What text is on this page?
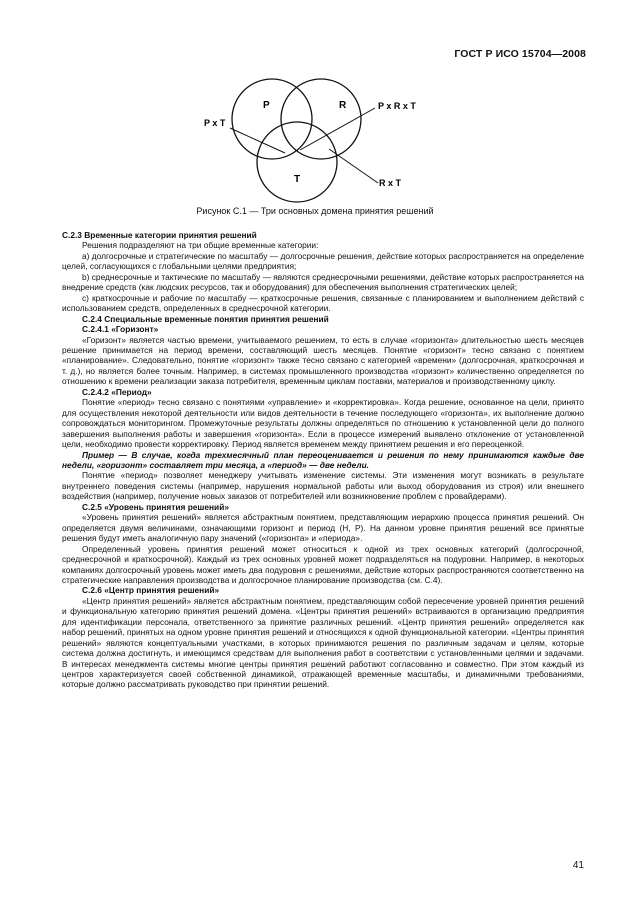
ГОСТ Р ИСО 15704—2008
P	R
T
P x T
P x R x T
R x T
Рисунок С.1 — Три основных домена принятия решений
С.2.3 Временные категории принятия решений

Решения подразделяют на три общие временные категории:

a) долгосрочные и стратегические по масштабу — долгосрочные решения, действие которых распространяется на определение целей, согласующихся с глобальными целями предприятия;

b) среднесрочные и тактические по масштабу — являются среднесрочными решениями, действие которых распространяется на внедрение средств (как людских ресурсов, так и оборудования) для обеспечения выполнения стратегических целей;

c) краткосрочные и рабочие по масштабу — краткосрочные решения, связанные с планированием и выполнением действий с использованием средств, определенных в среднесрочной категории.

С.2.4 Специальные временные понятия принятия решений
С.2.4.1 «Горизонт»

«Горизонт» является частью времени, учитываемого решением, то есть в случае «горизонта» длительностью шесть месяцев решение принимается на период времени, составляющий шесть месяцев. Понятие «горизонт» тесно связано с понятием «планирование». Следовательно, понятие «горизонт» также тесно связано с категорией «времени» (долгосрочная, краткосрочная и т. д.), но является более точным. Например, в системах промышленного производства «горизонт» количественно определяется по отношению к времени реализации заказа потребителя, временным циклам поставки, материалов и производственному циклу.

С.2.4.2 «Период»

Понятие «период» тесно связано с понятиями «управление» и «корректировка». Когда решение, основанное на цели, принято для осуществления некоторой деятельности или видов деятельности в течение последующего «горизонта», их выполнение должно сопровождаться мониторингом. Промежуточные результаты должны определяться по отношению к установленной цели до полного завершения выполнения работы и завершения «горизонта». Если в процессе измерений выявлено отклонение от установленной цели, необходимо провести корректировку. Период является временем между принятием решения и его переоценкой.

Пример — В случае, когда трехмесячный план переоценивается и решения по нему принимаются каждые две недели, «горизонт» составляет три месяца, а «период» — две недели.

Понятие «период» позволяет менеджеру учитывать изменение системы. Эти изменения могут возникать в результате внутреннего поведения системы (например, нарушения нормальной работы или выход оборудования из строя) или внешнего воздействия (например, получение новых заказов от потребителей или возникновение проблем с провайдерами).

С.2.5 «Уровень принятия решений»

«Уровень принятия решений» является абстрактным понятием, представляющим иерархию процесса принятия решений. Он определяется двумя величинами, означающими горизонт и период (H, P). На данном уровне принятия решений все принятые решения будут иметь аналогичную пару значений («горизонта» и «периода».

Определенный уровень принятия решений может относиться к одной из трех основных категорий (долгосрочной, среднесрочной и краткосрочной). Каждый из трех основных уровней может подразделяться на подуровни. Например, в некоторых компаниях долгосрочный уровень может иметь два подуровня с решениями, действие которых распространяются соответственно на стратегические направления производства и долгосрочное планирование производства (см. С.4).

С.2.6 «Центр принятия решений»

«Центр принятия решений» является абстрактным понятием, представляющим собой пересечение уровней принятия решений и функциональную категорию принятия решений домена. «Центры принятия решений» встраиваются в организацию предприятия для идентификации персонала, ответственного за принятие различных решений. «Центр принятия решений» определяется как набор решений, принятых на одном уровне принятия решений и относящихся к одной функциональной категории. «Центры принятия решений» являются концептуальными участками, в которых принимаются решения по различным задачам и целям, которые система должна достигнуть, и имеющимся средствам для выполнения работ в соответствии с установленными целями и задачами. В интересах менеджмента системы многие центры принятия решений работают согласованно и совместно. При этом каждый из центров характеризуется своей собственной динамикой, отражающей временные масштабы, и динамичными требованиями, которые должно рассматривать руководство при принятии решений.

41
